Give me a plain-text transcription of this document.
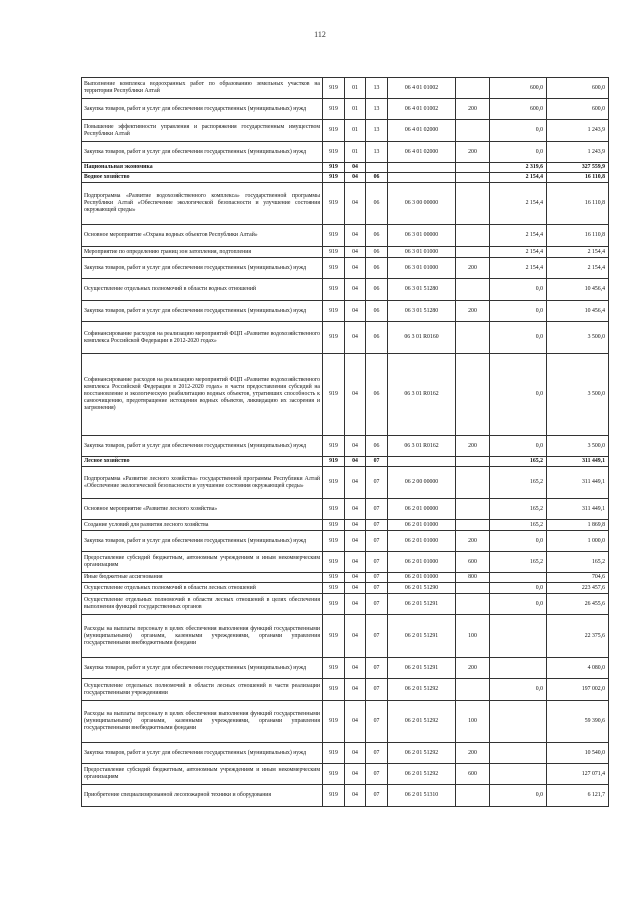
112
Выполнение комплекса водоохранных работ по образованию земельных участков на территории Республики Алтай	919	01	13	06 4 01 01002		600,0	600,0
Закупка товаров, работ и услуг для обеспечения государственных (муниципальных) нужд	919	01	13	06 4 01 01002	200	600,0	600,0
Повышение эффективности управления и распоряжения государственным имуществом Республики Алтай	919	01	13	06 4 01 02000		0,0	1 243,9
Закупка товаров, работ и услуг для обеспечения государственных (муниципальных) нужд	919	01	13	06 4 01 02000	200	0,0	1 243,9
Национальная экономика	919	04				2 319,6	327 559,9
Водное хозяйство	919	04	06			2 154,4	16 110,8
Подпрограмма «Развитие водохозяйственного комплекса» государственной программы Республики Алтай «Обеспечение экологической безопасности и улучшение состояния окружающей среды»	919	04	06	06 3 00 00000		2 154,4	16 110,8
Основное мероприятие «Охрана водных объектов Республики Алтай»	919	04	06	06 3 01 00000		2 154,4	16 110,8
Мероприятие по определению границ зон затопления, подтопления	919	04	06	06 3 01 01000		2 154,4	2 154,4
Закупка товаров, работ и услуг для обеспечения государственных (муниципальных) нужд	919	04	06	06 3 01 01000	200	2 154,4	2 154,4
Осуществление отдельных полномочий в области водных отношений	919	04	06	06 3 01 51280		0,0	10 456,4
Закупка товаров, работ и услуг для обеспечения государственных (муниципальных) нужд	919	04	06	06 3 01 51280	200	0,0	10 456,4
Софинансирование расходов на реализацию мероприятий ФЦП «Развитие водохозяйственного комплекса Российской Федерации в 2012-2020 годах»	919	04	06	06 3 01 R0160		0,0	3 500,0
Софинансирование расходов на реализацию мероприятий ФЦП «Развитие водохозяйственного комплекса Российской Федерации в 2012-2020 годах» в части предоставления субсидий на восстановление и экологическую реабилитацию водных объектов, утративших способность к самоочищению, предотвращение истощения водных объектов, ликвидацию их засорения и загрязнения)	919	04	06	06 3 01 R0162		0,0	3 500,0
Закупка товаров, работ и услуг для обеспечения государственных (муниципальных) нужд	919	04	06	06 3 01 R0162	200	0,0	3 500,0
Лесное хозяйство	919	04	07			165,2	311 449,1
Подпрограмма «Развитие лесного хозяйства» государственной программы Республики Алтай «Обеспечение экологической безопасности и улучшение состояния окружающей среды»	919	04	07	06 2 00 00000		165,2	311 449,1
Основное мероприятие «Развитие лесного хозяйства»	919	04	07	06 2 01 00000		165,2	311 449,1
Создание условий для развития лесного хозяйства	919	04	07	06 2 01 01000		165,2	1 869,8
Закупка товаров, работ и услуг для обеспечения государственных (муниципальных) нужд	919	04	07	06 2 01 01000	200	0,0	1 000,0
Предоставление субсидий бюджетным, автономным учреждениям и иным некоммерческим организациям	919	04	07	06 2 01 01000	600	165,2	165,2
Иные бюджетные ассигнования	919	04	07	06 2 01 01000	800		704,6
Осуществление отдельных полномочий в области лесных отношений	919	04	07	06 2 01 51290		0,0	223 457,6
Осуществление отдельных полномочий в области лесных отношений в целях обеспечения выполнения функций государственных органов	919	04	07	06 2 01 51291		0,0	26 455,6
Расходы на выплаты персоналу в целях обеспечения выполнения функций государственными (муниципальными) органами, казенными учреждениями, органами управления государственными внебюджетными фондами	919	04	07	06 2 01 51291	100		22 375,6
Закупка товаров, работ и услуг для обеспечения государственных (муниципальных) нужд	919	04	07	06 2 01 51291	200		4 080,0
Осуществление отдельных полномочий в области лесных отношений в части реализации государственными учреждениями	919	04	07	06 2 01 51292		0,0	197 002,0
Расходы на выплаты персоналу в целях обеспечения выполнения функций государственными (муниципальными) органами, казенными учреждениями, органами управления государственными внебюджетными фондами	919	04	07	06 2 01 51292	100		59 390,6
Закупка товаров, работ и услуг для обеспечения государственных (муниципальных) нужд	919	04	07	06 2 01 51292	200		10 540,0
Предоставление субсидий бюджетным, автономным учреждениям и иным некоммерческим организациям	919	04	07	06 2 01 51292	600		127 071,4
Приобретение специализированной лесопожарной техники и оборудования	919	04	07	06 2 01 51310		0,0	6 121,7
